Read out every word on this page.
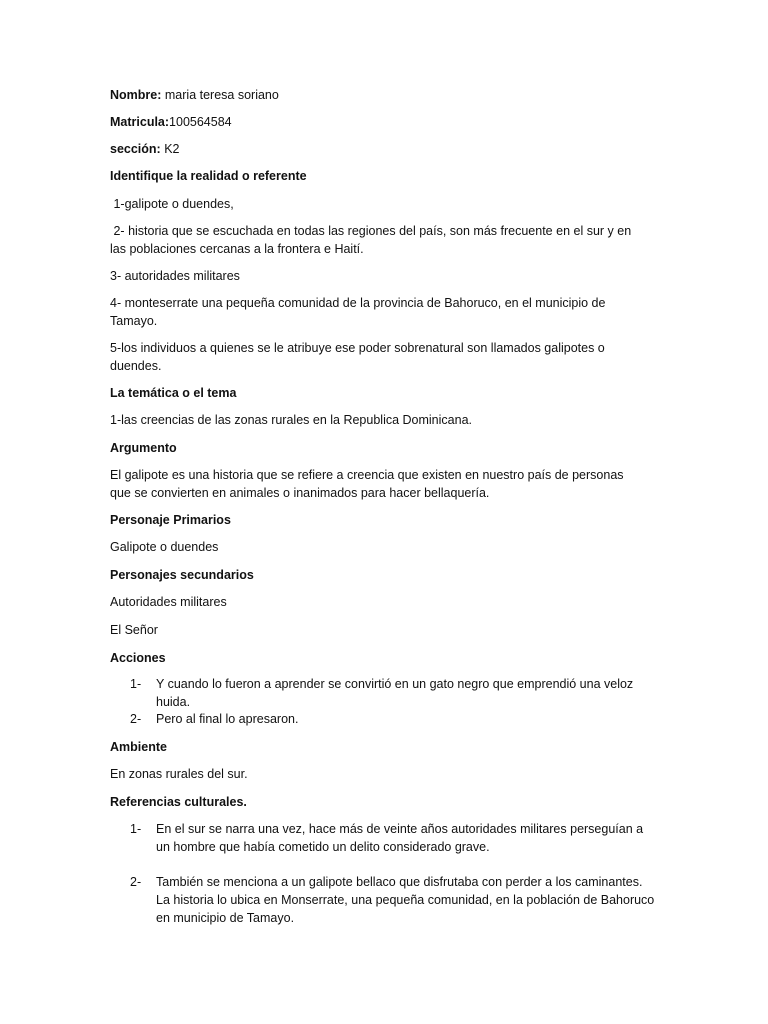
Nombre: maria teresa soriano
Matricula:100564584
sección: K2
Identifique la realidad o referente
1-galipote o duendes,
2- historia que se escuchada en todas las regiones del país, son más frecuente en el sur y en las poblaciones cercanas a la frontera e Haití.
3- autoridades militares
4- monteserrate una pequeña comunidad de la provincia de Bahoruco, en el municipio de Tamayo.
5-los individuos a quienes se le atribuye ese poder sobrenatural son llamados galipotes o duendes.
La temática o el tema
1-las creencias de las zonas rurales en la Republica Dominicana.
Argumento
El galipote es una historia que se refiere a creencia que existen en nuestro país de personas que se convierten en animales o inanimados para hacer bellaquería.
Personaje Primarios
Galipote o duendes
Personajes secundarios
Autoridades militares
El Señor
Acciones
1- Y cuando lo fueron a aprender se convirtió en un gato negro que emprendió una veloz huida.
2- Pero al final lo apresaron.
Ambiente
En zonas rurales del sur.
Referencias culturales.
1- En el sur se narra una vez, hace más de veinte años autoridades militares perseguían a un hombre que había cometido un delito considerado grave.
2- También se menciona a un galipote bellaco que disfrutaba con perder a los caminantes. La historia lo ubica en Monserrate, una pequeña comunidad, en la población de Bahoruco en municipio de Tamayo.
